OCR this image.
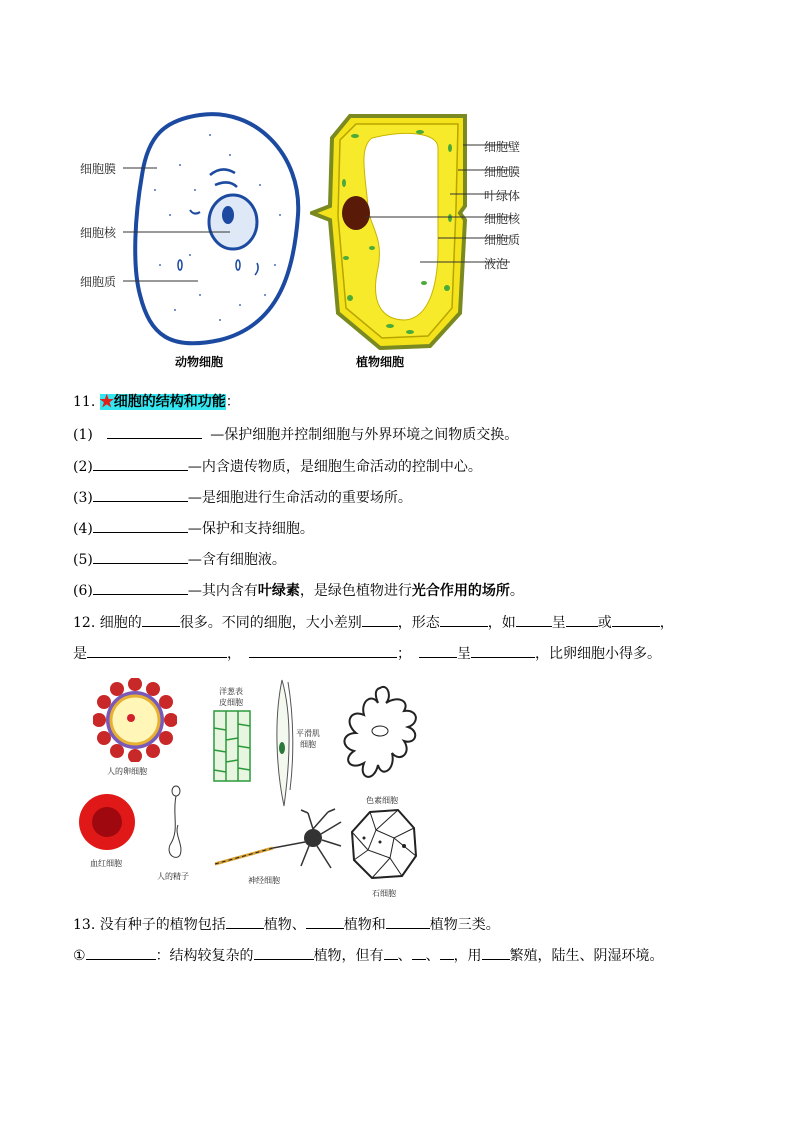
细胞膜
细胞核
细胞质
动物细胞
细胞壁
细胞膜
叶绿体
细胞核
细胞质
液泡
植物细胞
11. ★细胞的结构和功能：
(1)	—保护细胞并控制细胞与外界环境之间物质交换。
(2)	—内含遗传物质，是细胞生命活动的控制中心。
(3)	—是细胞进行生命活动的重要场所。
(4)	—保护和支持细胞。
(5)	—含有细胞液。
(6)	—其内含有叶绿素，是绿色植物进行光合作用的场所。
12. 细胞的	很多。不同的细胞，大小差别	，形态	，如	呈 或	，
是	，	；	呈	，比卵细胞小得多。
人的卵细胞
洋葱表
皮细胞
平滑肌
细胞
色素细胞
血红细胞
人的精子	神经细胞
石细胞
13. 没有种子的植物包括	植物、	植物和	植物三类。
①	：结构较复杂的	植物，但有 、 、 ，用 繁殖，陆生、阴湿环境。
